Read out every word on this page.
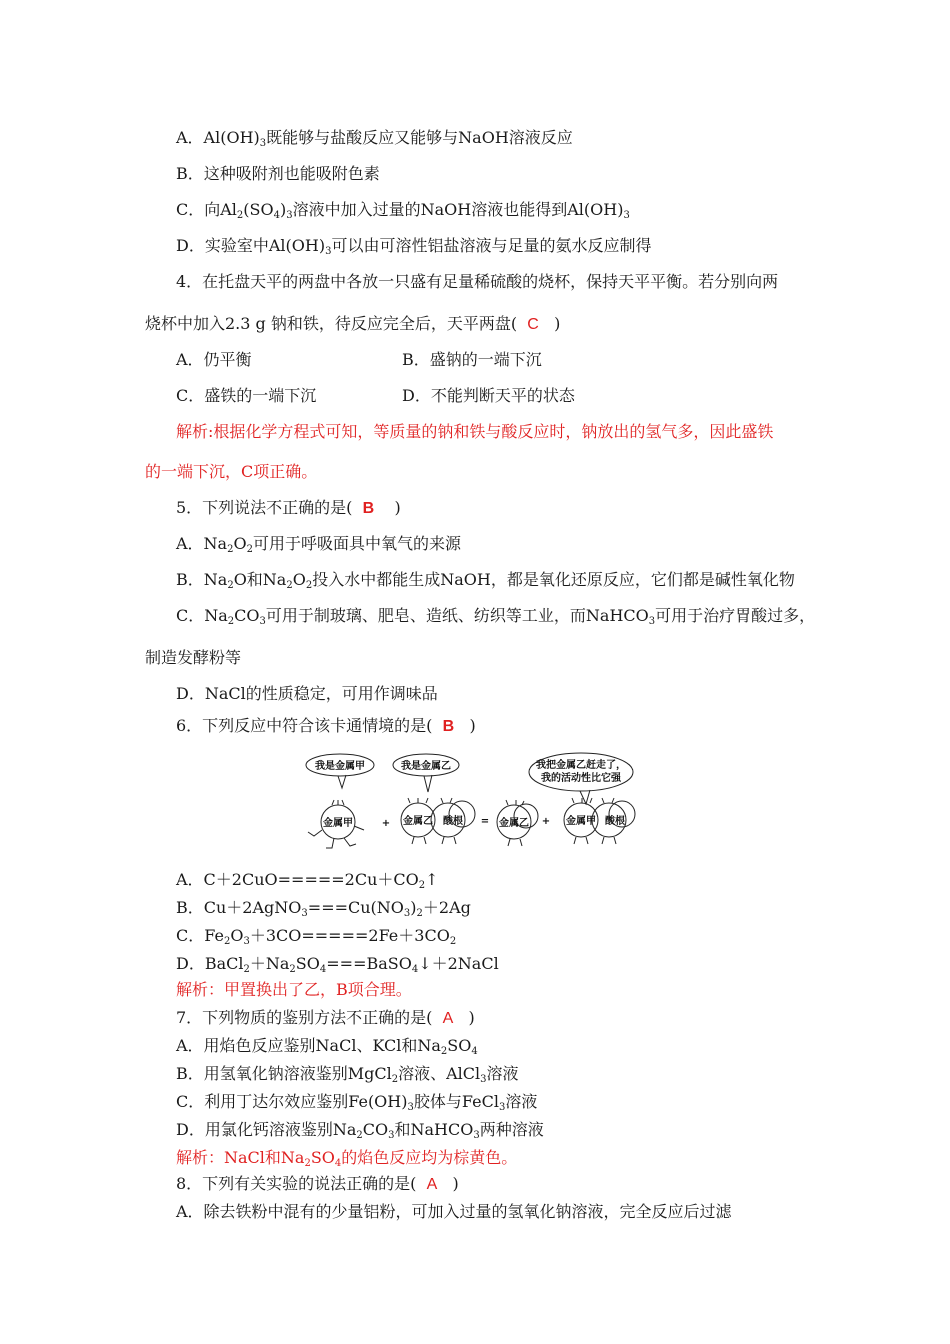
A．$Al(OH)_3$既能够与盐酸反应又能够与NaOH溶液反应
B．这种吸附剂也能吸附色素
C．向$Al_2(SO_4)_3$溶液中加入过量的NaOH溶液也能得到$Al(OH)_3$
D．实验室中$Al(OH)_3$可以由可溶性铝盐溶液与足量的氨水反应制得
4．在托盘天平的两盘中各放一只盛有足量稀硫酸的烧杯，保持天平平衡。若分别向两
烧杯中加入2.3 g 钠和铁，待反应完全后，天平两盘( C )
A．仍平衡	B．盛钠的一端下沉
C．盛铁的一端下沉	D．不能判断天平的状态
解析:根据化学方程式可知，等质量的钠和铁与酸反应时，钠放出的氢气多，因此盛铁
的一端下沉，C项正确。
5．下列说法不正确的是( B )
A．$Na_2O_2$可用于呼吸面具中氧气的来源
B．$Na_2O$和$Na_2O_2$投入水中都能生成NaOH，都是氧化还原反应，它们都是碱性氧化物
C．$Na_2CO_3$可用于制玻璃、肥皂、造纸、纺织等工业，而NaHCO$_3$可用于治疗胃酸过多，
制造发酵粉等
D．NaCl的性质稳定，可用作调味品
6．下列反应中符合该卡通情境的是( B )
我是金属甲	我是金属乙	我把金属乙赶走了，
我的活动性比它强
金属甲	金属乙 酸根	金属乙	金属甲 酸根
+	=	+
A．$C+2CuO=====2Cu+CO_2↑$
B．$Cu+2AgNO_3===Cu(NO_3)_2+2Ag$
C．$Fe_2O_3+3CO=====2Fe+3CO_2$
D．$BaCl_2+Na_2SO_4===BaSO_4↓+2NaCl$
解析：甲置换出了乙，B项合理。
7．下列物质的鉴别方法不正确的是( A )
A．用焰色反应鉴别NaCl、KCl和$Na_2SO_4$
B．用氢氧化钠溶液鉴别MgCl$_2$溶液、AlCl$_3$溶液
C．利用丁达尔效应鉴别$Fe(OH)_3$胶体与FeCl$_3$溶液
D．用氯化钙溶液鉴别$Na_2CO_3$和NaHCO$_3$两种溶液
解析：NaCl和$Na_2SO_4$的焰色反应均为棕黄色。
8．下列有关实验的说法正确的是( A )
A．除去铁粉中混有的少量铝粉，可加入过量的氢氧化钠溶液，完全反应后过滤
